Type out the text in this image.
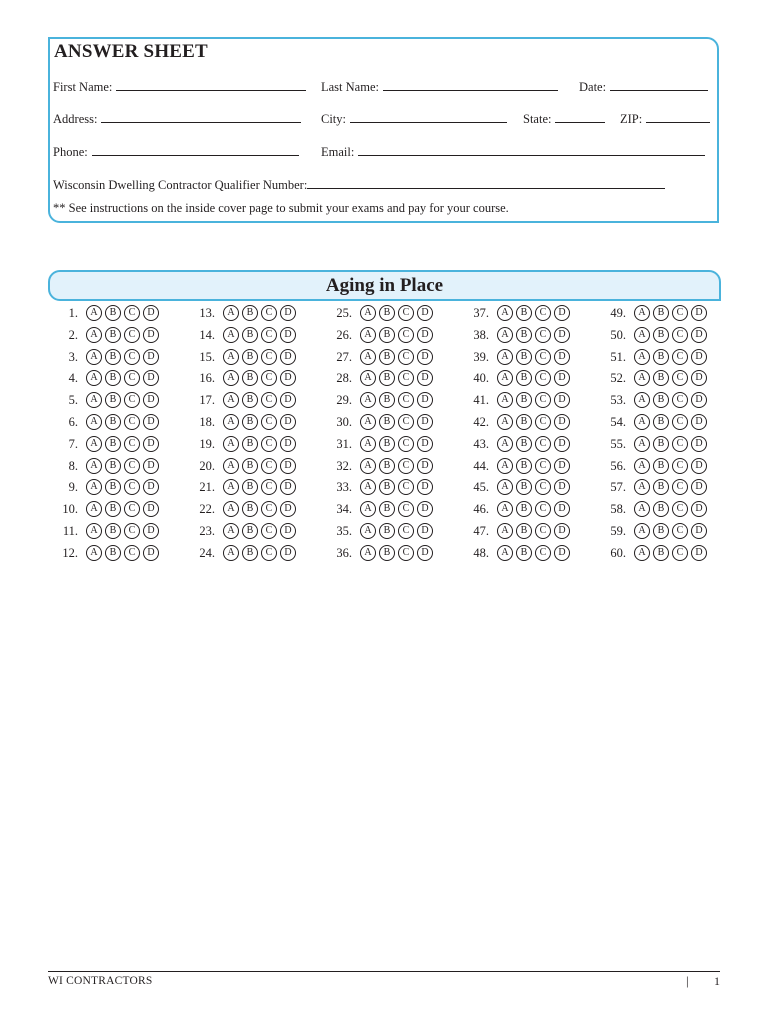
ANSWER SHEET
First Name:	Last Name:	Date:
Address:	City:	State:	ZIP:
Phone:	Email:
Wisconsin Dwelling Contractor Qualifier Number:
** See instructions on the inside cover page to submit your exams and pay for your course.
Aging in Place
1.	A	B	C	D
2.	A	B	C	D
3.	A	B	C	D
4.	A	B	C	D
5.	A	B	C	D
6.	A	B	C	D
7.	A	B	C	D
8.	A	B	C	D
9.	A	B	C	D
10.	A	B	C	D
11.	A	B	C	D
12.	A	B	C	D
13.	A	B	C	D
14.	A	B	C	D
15.	A	B	C	D
16.	A	B	C	D
17.	A	B	C	D
18.	A	B	C	D
19.	A	B	C	D
20.	A	B	C	D
21.	A	B	C	D
22.	A	B	C	D
23.	A	B	C	D
24.	A	B	C	D
25.	A	B	C	D
26.	A	B	C	D
27.	A	B	C	D
28.	A	B	C	D
29.	A	B	C	D
30.	A	B	C	D
31.	A	B	C	D
32.	A	B	C	D
33.	A	B	C	D
34.	A	B	C	D
35.	A	B	C	D
36.	A	B	C	D
37.	A	B	C	D
38.	A	B	C	D
39.	A	B	C	D
40.	A	B	C	D
41.	A	B	C	D
42.	A	B	C	D
43.	A	B	C	D
44.	A	B	C	D
45.	A	B	C	D
46.	A	B	C	D
47.	A	B	C	D
48.	A	B	C	D
49.	A	B	C	D
50.	A	B	C	D
51.	A	B	C	D
52.	A	B	C	D
53.	A	B	C	D
54.	A	B	C	D
55.	A	B	C	D
56.	A	B	C	D
57.	A	B	C	D
58.	A	B	C	D
59.	A	B	C	D
60.	A	B	C	D
WI CONTRACTORS	| 1
